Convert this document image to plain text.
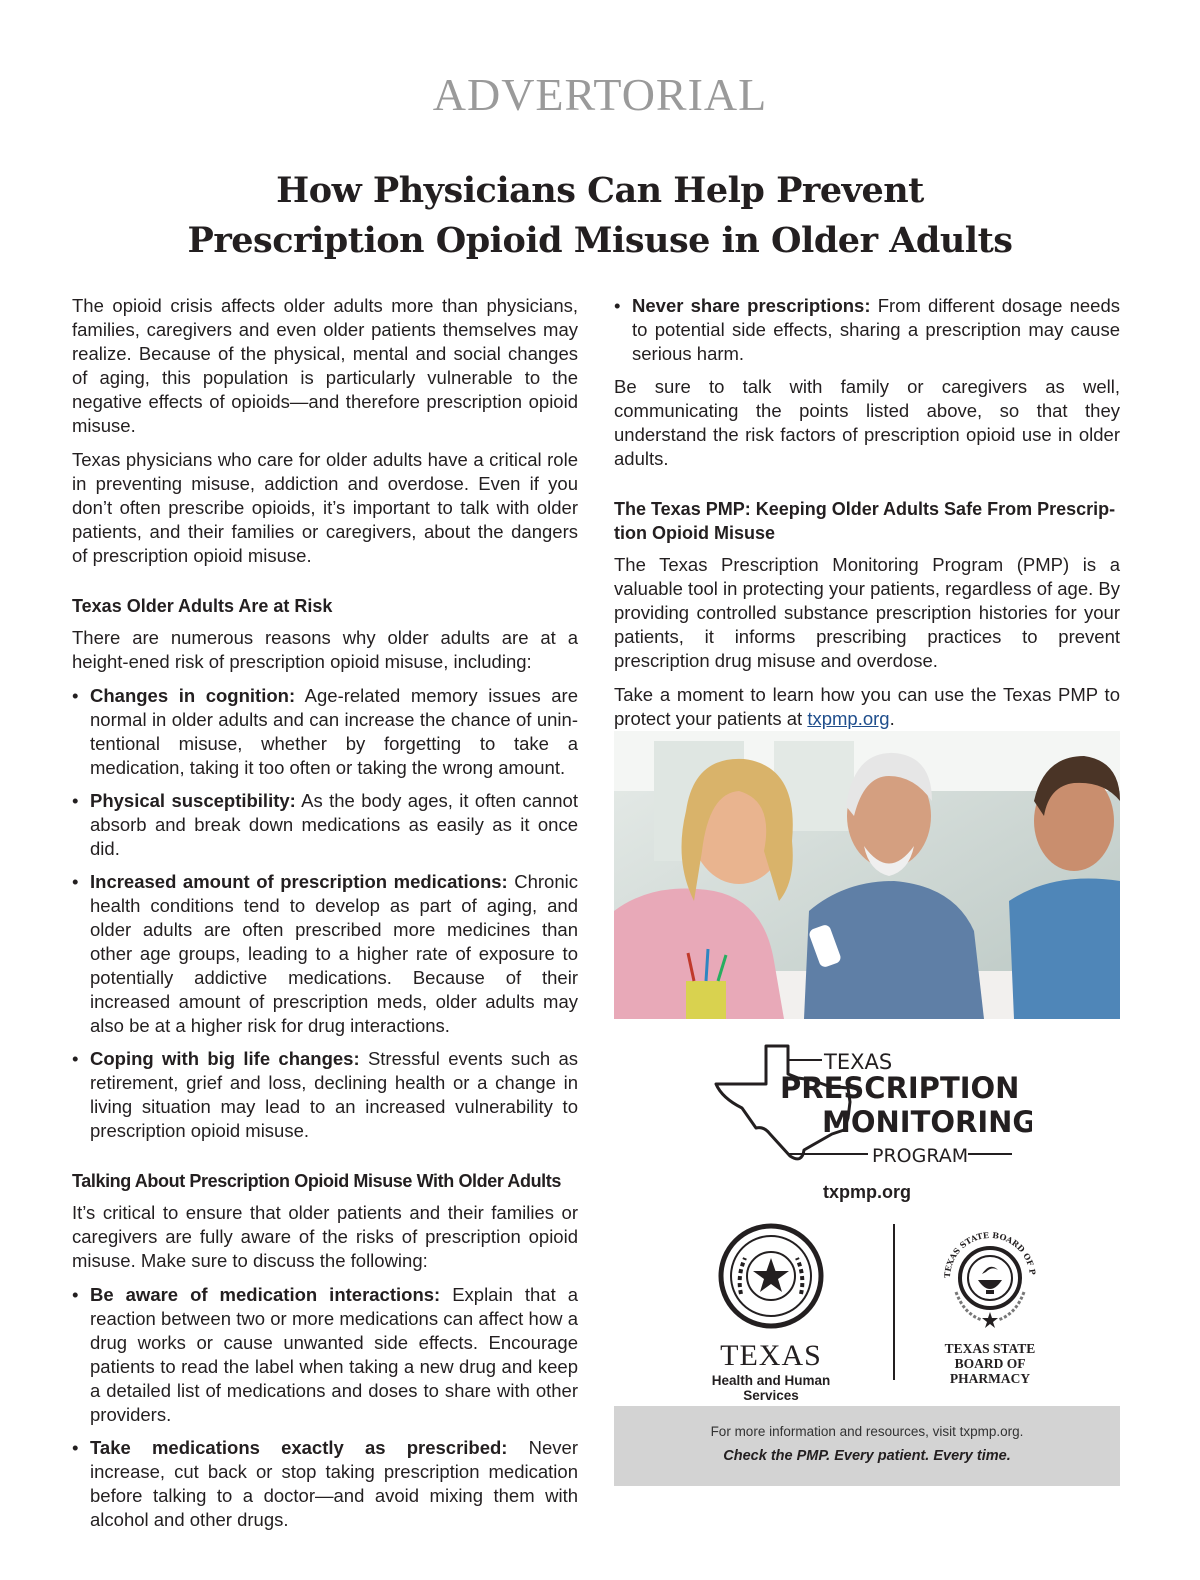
ADVERTORIAL
How Physicians Can Help Prevent
Prescription Opioid Misuse in Older Adults

The opioid crisis affects older adults more than physicians, families, caregivers and even older patients themselves may realize. Because of the physical, mental and social changes of aging, this population is particularly vulnerable to the negative effects of opioids—and therefore prescription opioid misuse.

Texas physicians who care for older adults have a critical role in preventing misuse, addiction and overdose. Even if you don’t often prescribe opioids, it’s important to talk with older patients, and their families or caregivers, about the dangers of prescription opioid misuse.

Texas Older Adults Are at Risk

There are numerous reasons why older adults are at a height-ened risk of prescription opioid misuse, including:

• Changes in cognition: Age-related memory issues are normal in older adults and can increase the chance of unin-tentional misuse, whether by forgetting to take a medication, taking it too often or taking the wrong amount.
• Physical susceptibility: As the body ages, it often cannot absorb and break down medications as easily as it once did.
• Increased amount of prescription medications: Chronic health conditions tend to develop as part of aging, and older adults are often prescribed more medicines than other age groups, leading to a higher rate of exposure to potentially addictive medications. Because of their increased amount of prescription meds, older adults may also be at a higher risk for drug interactions.
• Coping with big life changes: Stressful events such as retirement, grief and loss, declining health or a change in living situation may lead to an increased vulnerability to prescription opioid misuse.
Talking About Prescription Opioid Misuse With Older Adults

It’s critical to ensure that older patients and their families or caregivers are fully aware of the risks of prescription opioid misuse. Make sure to discuss the following:

• Be aware of medication interactions: Explain that a reaction between two or more medications can affect how a drug works or cause unwanted side effects. Encourage patients to read the label when taking a new drug and keep a detailed list of medications and doses to share with other providers.
• Take medications exactly as prescribed: Never increase, cut back or stop taking prescription medication before talking to a doctor—and avoid mixing them with alcohol and other drugs.
• Never share prescriptions: From different dosage needs to potential side effects, sharing a prescription may cause serious harm.

Be sure to talk with family or caregivers as well, communicating the points listed above, so that they understand the risk factors of prescription opioid use in older adults.

The Texas PMP: Keeping Older Adults Safe From Prescrip-tion Opioid Misuse

The Texas Prescription Monitoring Program (PMP) is a valuable tool in protecting your patients, regardless of age. By providing controlled substance prescription histories for your patients, it informs prescribing practices to prevent prescription drug misuse and overdose.

Take a moment to learn how you can use the Texas PMP to protect your patients at txpmp.org.

TEXAS
PRESCRIPTION
MONITORING
PROGRAM
txpmp.org
TEXAS
Health and Human Services
TEXAS STATE BOARD OF P
TEXAS STATE
BOARD OF
PHARMACY
For more information and resources, visit txpmp.org.
Check the PMP. Every patient. Every time.
